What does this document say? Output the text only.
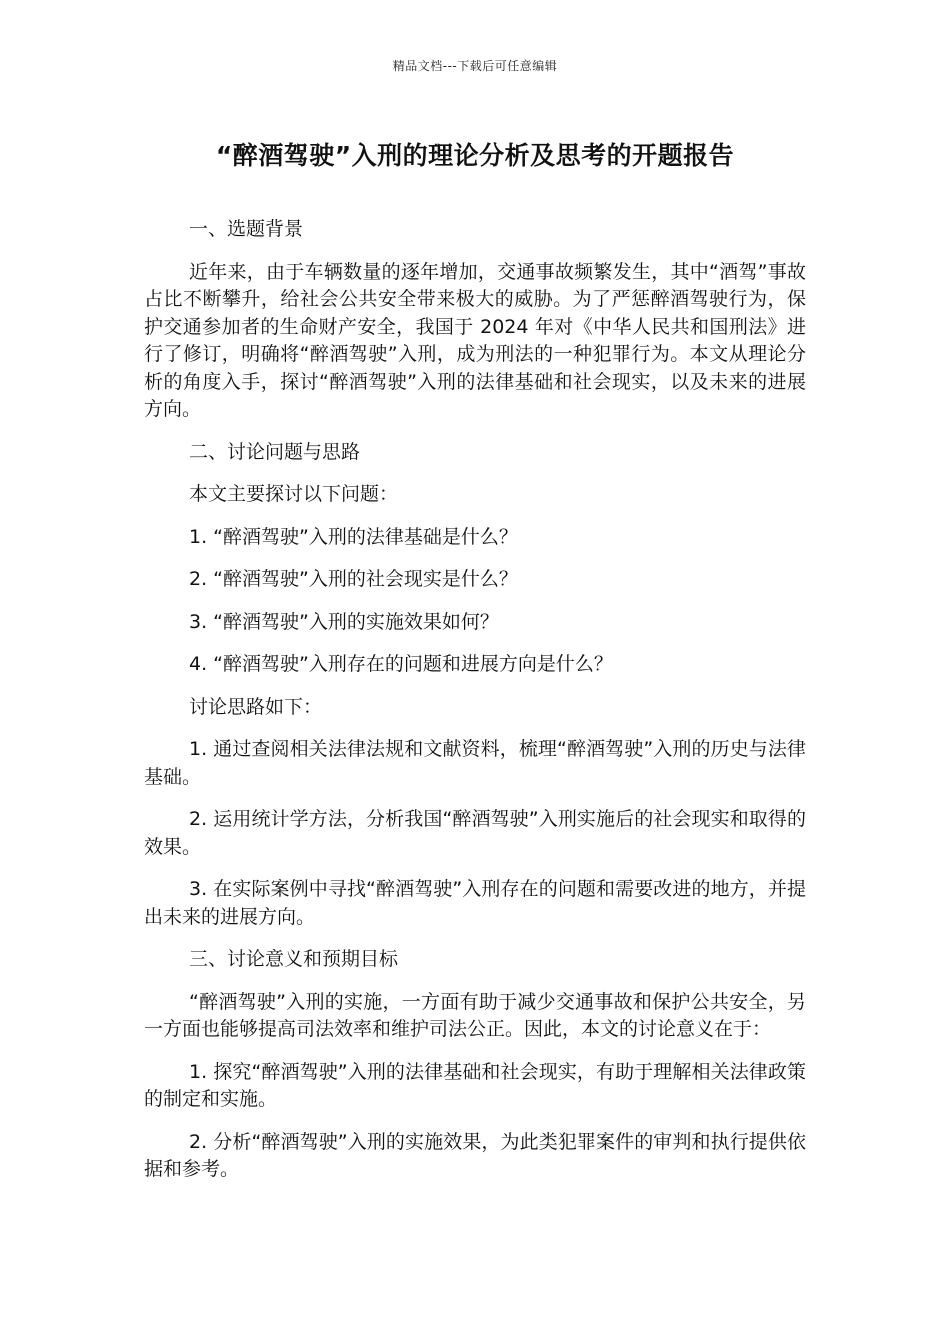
精品文档---下载后可任意编辑
“醉酒驾驶”入刑的理论分析及思考的开题报告

一、选题背景

近年来，由于车辆数量的逐年增加，交通事故频繁发生，其中“酒驾”事故占比不断攀升，给社会公共安全带来极大的威胁。为了严惩醉酒驾驶行为，保护交通参加者的生命财产安全，我国于 2024 年对《中华人民共和国刑法》进行了修订，明确将“醉酒驾驶”入刑，成为刑法的一种犯罪行为。本文从理论分析的角度入手，探讨“醉酒驾驶”入刑的法律基础和社会现实，以及未来的进展方向。

二、讨论问题与思路

本文主要探讨以下问题：

1. “醉酒驾驶”入刑的法律基础是什么？

2. “醉酒驾驶”入刑的社会现实是什么？

3. “醉酒驾驶”入刑的实施效果如何？

4. “醉酒驾驶”入刑存在的问题和进展方向是什么？

讨论思路如下：

1. 通过查阅相关法律法规和文献资料，梳理“醉酒驾驶”入刑的历史与法律基础。

2. 运用统计学方法，分析我国“醉酒驾驶”入刑实施后的社会现实和取得的效果。

3. 在实际案例中寻找“醉酒驾驶”入刑存在的问题和需要改进的地方，并提出未来的进展方向。

三、讨论意义和预期目标

“醉酒驾驶”入刑的实施，一方面有助于减少交通事故和保护公共安全，另一方面也能够提高司法效率和维护司法公正。因此，本文的讨论意义在于：

1. 探究“醉酒驾驶”入刑的法律基础和社会现实，有助于理解相关法律政策的制定和实施。

2. 分析“醉酒驾驶”入刑的实施效果，为此类犯罪案件的审判和执行提供依据和参考。
